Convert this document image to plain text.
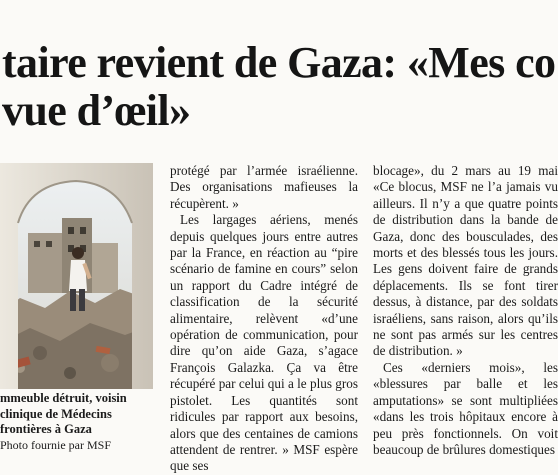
taire revient de Gaza: «Mes co
vue d’œil»
mmeuble détruit, voisin clinique de Médecins frontières à Gaza
Photo fournie par MSF

protégé par l’armée israélienne. Des organisations mafieuses la récupèrent. »

Les largages aériens, menés depuis quelques jours entre autres par la France, en réaction au “pire scénario de famine en cours” selon un rapport du Cadre intégré de classification de la sécurité alimentaire, relèvent «d’une opération de communication, pour dire qu’on aide Gaza, s’agace François Galazka. Ça va être récupéré par celui qui a le plus gros pistolet. Les quantités sont ridicules par rapport aux besoins, alors que des centaines de camions attendent de rentrer. » MSF espère que ses

blocage», du 2 mars au 19 mai «Ce blocus, MSF ne l’a jamais vu ailleurs. Il n’y a que quatre points de distribution dans la bande de Gaza, donc des bousculades, des morts et des blessés tous les jours. Les gens doivent faire de grands déplacements. Ils se font tirer dessus, à distance, par des soldats israéliens, sans raison, alors qu’ils ne sont pas armés sur les centres de distribution. »

Ces «derniers mois», les «blessures par balle et les amputations» se sont multipliées «dans les trois hôpitaux encore à peu près fonctionnels. On voit beaucoup de brûlures domestiques
